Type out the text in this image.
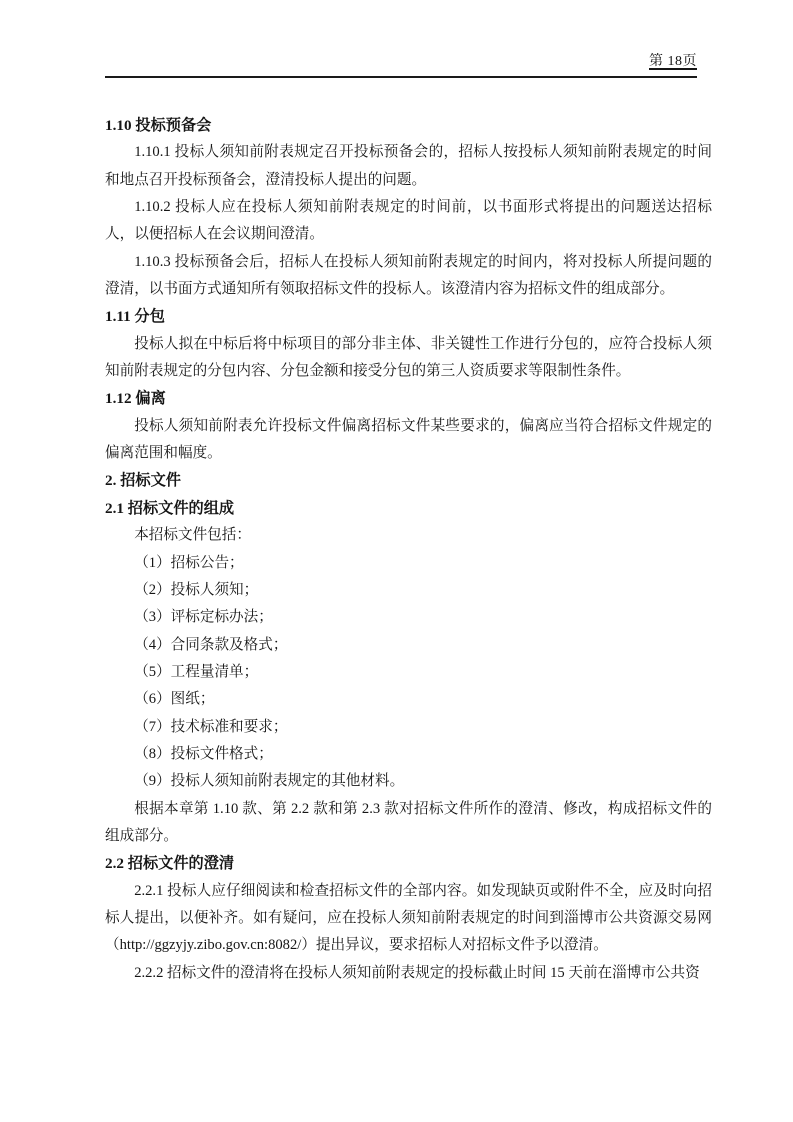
第 18页

1.10 投标预备会

1.10.1 投标人须知前附表规定召开投标预备会的，招标人按投标人须知前附表规定的时间和地点召开投标预备会，澄清投标人提出的问题。

1.10.2 投标人应在投标人须知前附表规定的时间前，以书面形式将提出的问题送达招标人，以便招标人在会议期间澄清。

1.10.3 投标预备会后，招标人在投标人须知前附表规定的时间内，将对投标人所提问题的澄清，以书面方式通知所有领取招标文件的投标人。该澄清内容为招标文件的组成部分。

1.11 分包

投标人拟在中标后将中标项目的部分非主体、非关键性工作进行分包的，应符合投标人须知前附表规定的分包内容、分包金额和接受分包的第三人资质要求等限制性条件。

1.12 偏离

投标人须知前附表允许投标文件偏离招标文件某些要求的，偏离应当符合招标文件规定的偏离范围和幅度。

2. 招标文件

2.1 招标文件的组成

本招标文件包括：

（1）招标公告；

（2）投标人须知；

（3）评标定标办法；

（4）合同条款及格式；

（5）工程量清单；

（6）图纸；

（7）技术标准和要求；

（8）投标文件格式；

（9）投标人须知前附表规定的其他材料。

根据本章第 1.10 款、第 2.2 款和第 2.3 款对招标文件所作的澄清、修改，构成招标文件的组成部分。

2.2 招标文件的澄清

2.2.1 投标人应仔细阅读和检查招标文件的全部内容。如发现缺页或附件不全，应及时向招标人提出，以便补齐。如有疑问，应在投标人须知前附表规定的时间到淄博市公共资源交易网（http://ggzyjy.zibo.gov.cn:8082/）提出异议，要求招标人对招标文件予以澄清。

2.2.2 招标文件的澄清将在投标人须知前附表规定的投标截止时间 15 天前在淄博市公共资
